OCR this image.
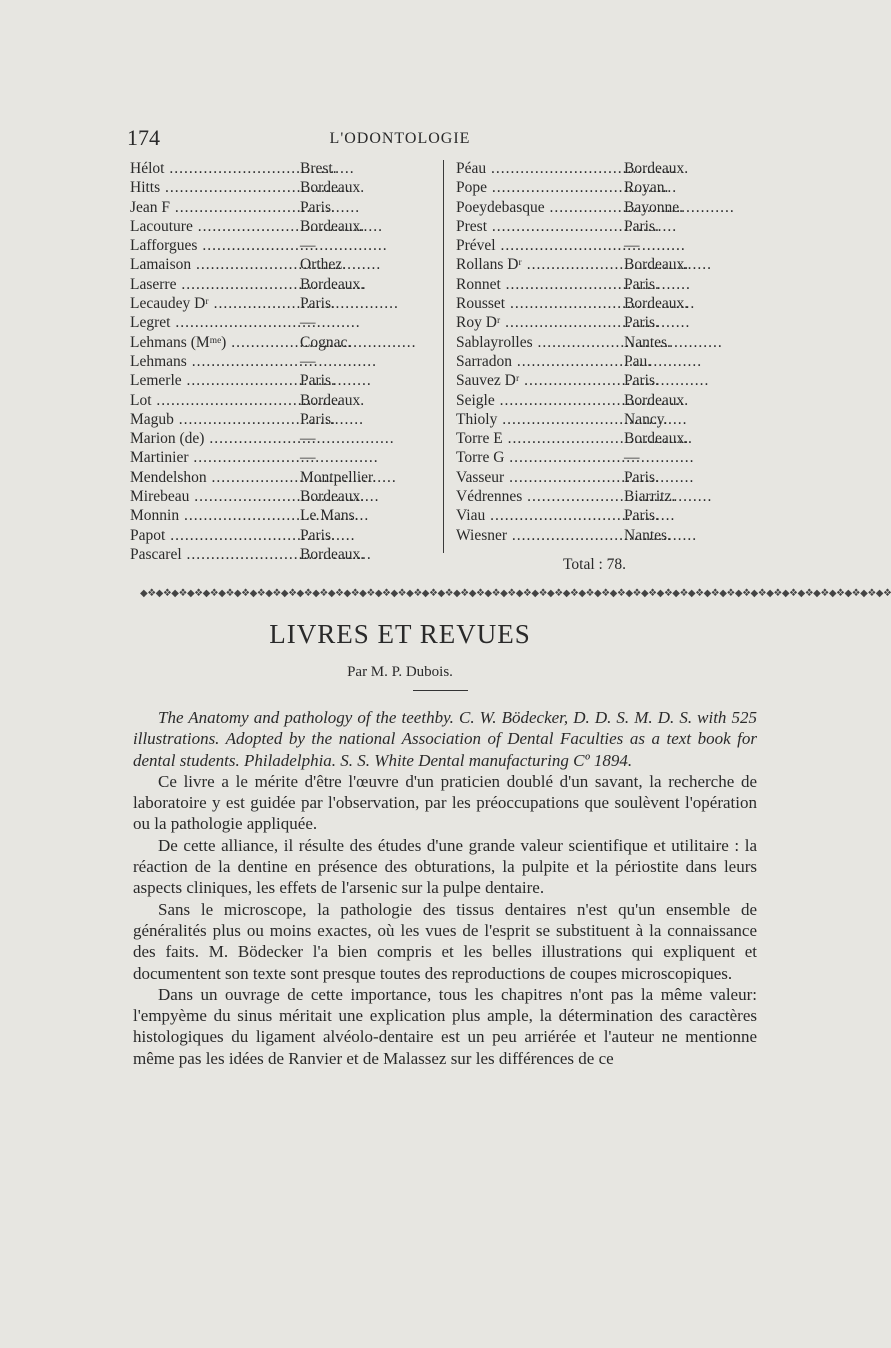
174	L'ODONTOLOGIE
Hélot .....	Brest.
Hitts .....	Bordeaux.
Jean F .....	Paris.
Lacouture .....	Bordeaux.
Lafforgues .....	—
Lamaison .....	Orthez.
Laserre .....	Bordeaux.
Lecaudey Dʳ .....	Paris.
Legret .....	—
Lehmans (Mᵐᵉ) .....	Cognac.
Lehmans .....	—
Lemerle .....	Paris.
Lot .....	Bordeaux.
Magub .....	Paris.
Marion (de) .....	—
Martinier .....	—
Mendelshon .....	Montpellier.
Mirebeau .....	Bordeaux.
Monnin .....	Le Mans.
Papot .....	Paris.
Pascarel .....	Bordeaux.
Péau .....	Bordeaux.
Pope .....	Royan.
Poeydebasque .....	Bayonne.
Prest .....	Paris.
Prével .....	—
Rollans Dʳ .....	Bordeaux.
Ronnet .....	Paris.
Rousset .....	Bordeaux.
Roy Dʳ .....	Paris.
Sablayrolles .....	Nantes.
Sarradon .....	Pau.
Sauvez Dʳ .....	Paris.
Seigle .....	Bordeaux.
Thioly .....	Nancy.
Torre E .....	Bordeaux.
Torre G .....	—
Vasseur .....	Paris.
Védrennes .....	Biarritz.
Viau .....	Paris.
Wiesner .....	Nantes.
Total : 78.
◆❖◆❖◆❖◆❖◆❖◆❖◆❖◆❖◆❖◆❖◆❖◆❖◆❖◆❖◆❖◆❖◆❖◆❖◆❖◆❖◆❖◆❖◆❖◆❖◆❖◆❖◆❖◆❖◆❖◆❖◆❖◆❖◆❖◆❖◆❖◆❖◆❖◆❖◆❖◆❖◆❖◆❖◆❖◆❖◆❖◆❖◆❖◆❖
LIVRES ET REVUES
Par M. P. Dubois.

The Anatomy and pathology of the teethby. C. W. Bödecker, D. D. S. M. D. S. with 525 illustrations. Adopted by the national Association of Dental Faculties as a text book for dental students. Philadelphia. S. S. White Dental manufacturing Cº 1894.

Ce livre a le mérite d'être l'œuvre d'un praticien doublé d'un savant, la recherche de laboratoire y est guidée par l'observation, par les préoccupations que soulèvent l'opération ou la pathologie appliquée.

De cette alliance, il résulte des études d'une grande valeur scientifique et utilitaire : la réaction de la dentine en présence des obturations, la pulpite et la périostite dans leurs aspects cliniques, les effets de l'arsenic sur la pulpe dentaire.

Sans le microscope, la pathologie des tissus dentaires n'est qu'un ensemble de généralités plus ou moins exactes, où les vues de l'esprit se substituent à la connaissance des faits. M. Bödecker l'a bien compris et les belles illustrations qui expliquent et documentent son texte sont presque toutes des reproductions de coupes microscopiques.

Dans un ouvrage de cette importance, tous les chapitres n'ont pas la même valeur: l'empyème du sinus méritait une explication plus ample, la détermination des caractères histologiques du ligament alvéolo-dentaire est un peu arriérée et l'auteur ne mentionne même pas les idées de Ranvier et de Malassez sur les différences de ce
